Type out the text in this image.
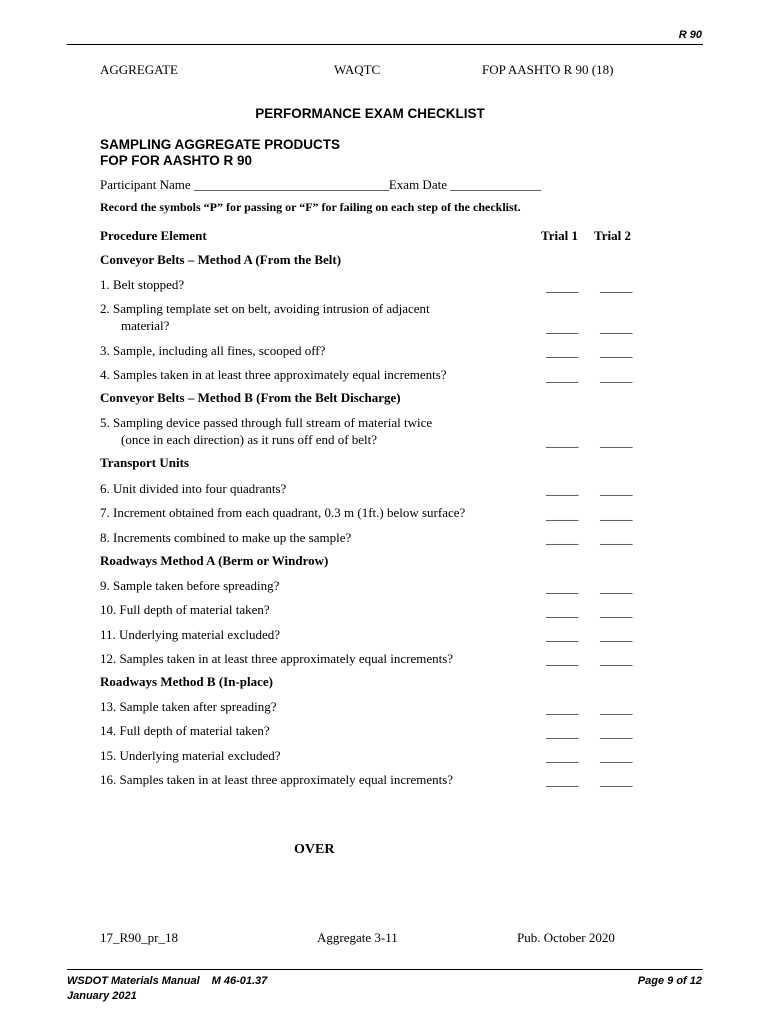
R 90
AGGREGATE	WAQTC	FOP AASHTO R 90 (18)
PERFORMANCE EXAM CHECKLIST
SAMPLING AGGREGATE PRODUCTS
FOP FOR AASHTO R 90
Participant Name ______________________________Exam Date ______________
Record the symbols “P” for passing or “F” for failing on each step of the checklist.
Procedure Element	Trial 1 Trial 2
Conveyor Belts – Method A (From the Belt)
1. Belt stopped?	_____ _____
2. Sampling template set on belt, avoiding intrusion of adjacent
material?	_____ _____
3. Sample, including all fines, scooped off?	_____ _____
4. Samples taken in at least three approximately equal increments?	_____ _____
Conveyor Belts – Method B (From the Belt Discharge)
5. Sampling device passed through full stream of material twice
(once in each direction) as it runs off end of belt?	_____ _____
Transport Units
6. Unit divided into four quadrants?	_____ _____
7. Increment obtained from each quadrant, 0.3 m (1ft.) below surface?	_____ _____
8. Increments combined to make up the sample?	_____ _____
Roadways Method A (Berm or Windrow)
9. Sample taken before spreading?	_____ _____
10. Full depth of material taken?	_____ _____
11. Underlying material excluded?	_____ _____
12. Samples taken in at least three approximately equal increments?	_____ _____
Roadways Method B (In-place)
13. Sample taken after spreading?	_____ _____
14. Full depth of material taken?	_____ _____
15. Underlying material excluded?	_____ _____
16. Samples taken in at least three approximately equal increments?	_____ _____
OVER
17_R90_pr_18	Aggregate 3-11	Pub. October 2020
WSDOT Materials Manual M 46-01.37
January 2021
Page 9 of 12
